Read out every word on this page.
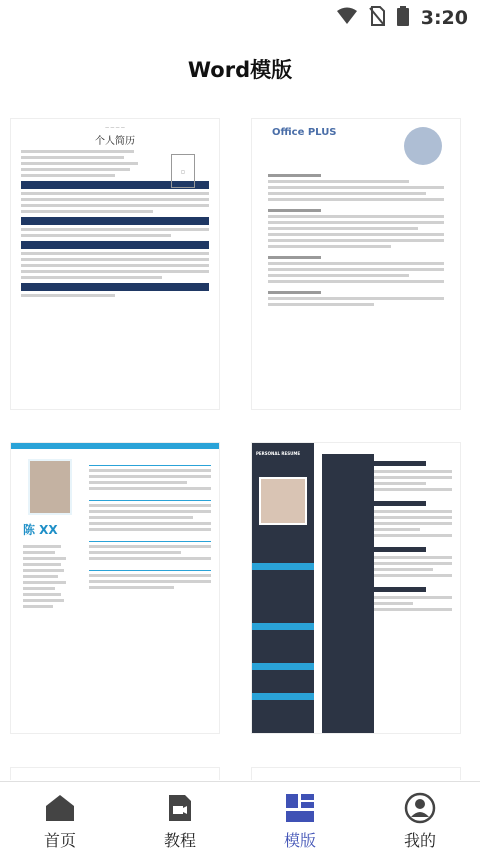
3:20
Word模版
— — — —
个人简历
□
Office PLUS
陈 XX
PERSONAL RESUME
首页	教程	模版	我的
